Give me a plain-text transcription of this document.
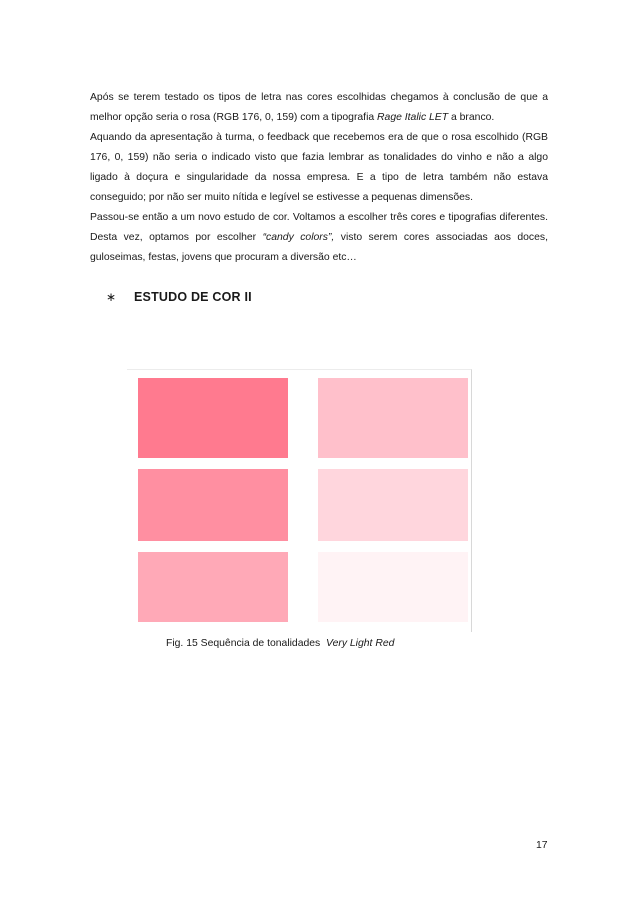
Após se terem testado os tipos de letra nas cores escolhidas chegamos à conclusão de que a melhor opção seria o rosa (RGB 176, 0, 159) com a tipografia Rage Italic LET a branco.

Aquando da apresentação à turma, o feedback que recebemos era de que o rosa escolhido (RGB 176, 0, 159) não seria o indicado visto que fazia lembrar as tonalidades do vinho e não a algo ligado à doçura e singularidade da nossa empresa. E a tipo de letra também não estava conseguido; por não ser muito nítida e legível se estivesse a pequenas dimensões.

Passou-se então a um novo estudo de cor. Voltamos a escolher três cores e tipografias diferentes. Desta vez, optamos por escolher “candy colors”, visto serem cores associadas aos doces, guloseimas, festas, jovens que procuram a diversão etc…

∗ ESTUDO DE COR II
Fig. 15 Sequência de tonalidades Very Light Red
17
